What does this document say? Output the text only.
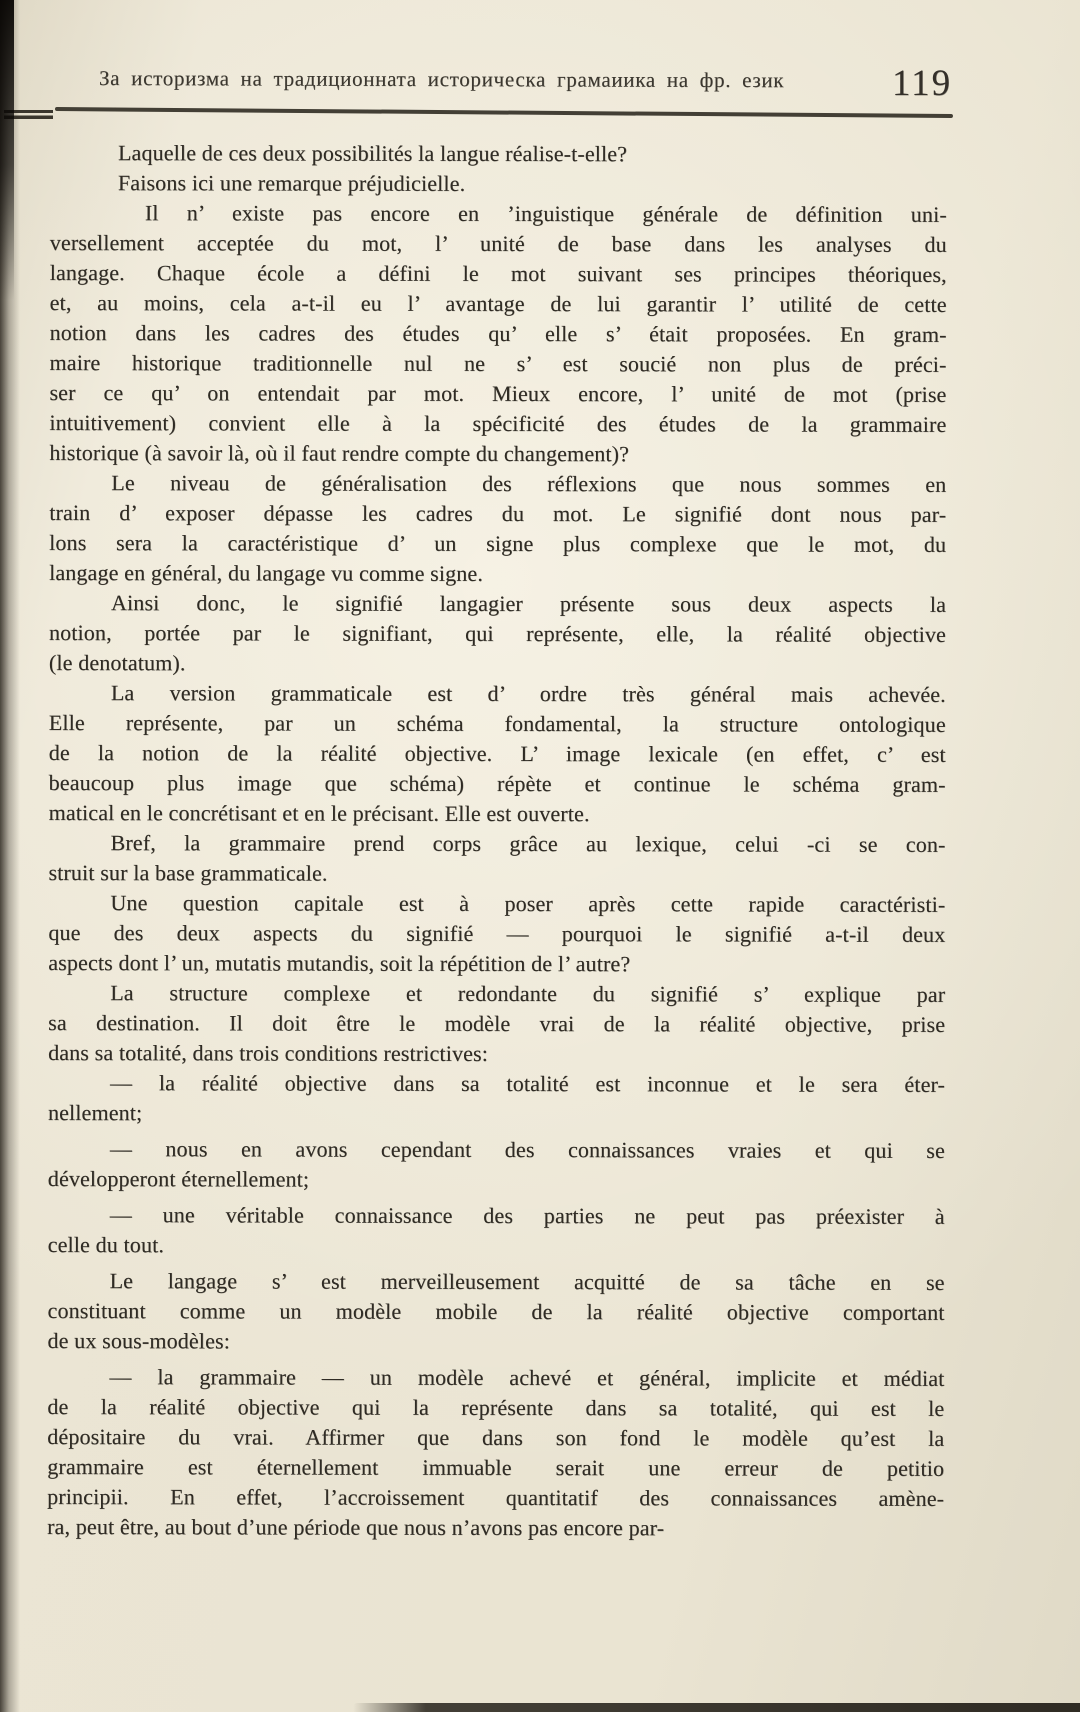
За историзма на традиционната историческа грамаиика на фр. език	119
Laquelle de ces deux possibilités la langue réalise-t-elle?
Faisons ici une remarque préjudicielle.
Il n’ existe pas encore en ’inguistique générale de définition uni-
versellement acceptée du mot, l’ unité de base dans les analyses du
langage. Chaque école a défini le mot suivant ses principes théoriques,
et, au moins, cela a-t-il eu l’ avantage de lui garantir l’ utilité de cette
notion dans les cadres des études qu’ elle s’ était proposées. En gram-
maire historique traditionnelle nul ne s’ est soucié non plus de préci-
ser ce qu’ on entendait par mot. Mieux encore, l’ unité de mot (prise
intuitivement) convient elle à la spécificité des études de la grammaire
historique (à savoir là, où il faut rendre compte du changement)?
Le niveau de généralisation des réflexions que nous sommes en
train d’ exposer dépasse les cadres du mot. Le signifié dont nous par-
lons sera la caractéristique d’ un signe plus complexe que le mot, du
langage en général, du langage vu comme signe.
Ainsi donc, le signifié langagier présente sous deux aspects la
notion, portée par le signifiant, qui représente, elle, la réalité objective
(le denotatum).
La version grammaticale est d’ ordre très général mais achevée.
Elle représente, par un schéma fondamental, la structure ontologique
de la notion de la réalité objective. L’ image lexicale (en effet, c’ est
beaucoup plus image que schéma) répète et continue le schéma gram-
matical en le concrétisant et en le précisant. Elle est ouverte.
Bref, la grammaire prend corps grâce au lexique, celui -ci se con-
struit sur la base grammaticale.
Une question capitale est à poser après cette rapide caractéristi-
que des deux aspects du signifié — pourquoi le signifié a-t-il deux
aspects dont l’ un, mutatis mutandis, soit la répétition de l’ autre?
La structure complexe et redondante du signifié s’ explique par
sa destination. Il doit être le modèle vrai de la réalité objective, prise
dans sa totalité, dans trois conditions restrictives:
— la réalité objective dans sa totalité est inconnue et le sera éter-
nellement;
— nous en avons cependant des connaissances vraies et qui se
développeront éternellement;
— une véritable connaissance des parties ne peut pas préexister à
celle du tout.
Le langage s’ est merveilleusement acquitté de sa tâche en se
constituant comme un modèle mobile de la réalité objective comportant
de ux sous-modèles:
— la grammaire — un modèle achevé et général, implicite et médiat
de la réalité objective qui la représente dans sa totalité, qui est le
dépositaire du vrai. Affirmer que dans son fond le modèle qu’est la
grammaire est éternellement immuable serait une erreur de petitio
principii. En effet, l’accroissement quantitatif des connaissances amène-
ra, peut être, au bout d’une période que nous n’avons pas encore par-
